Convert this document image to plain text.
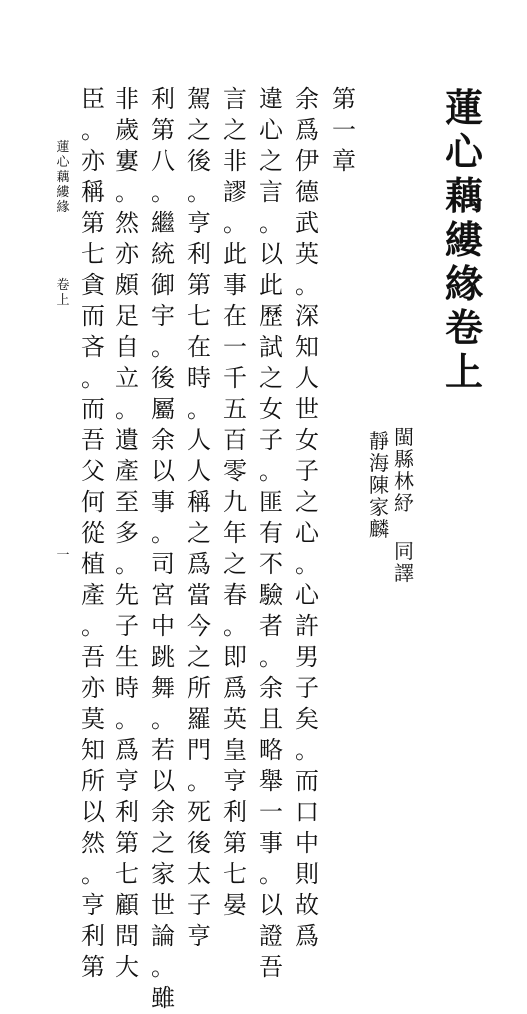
蓮
心
藕
縷
緣
卷
上
閩
縣
林
紓
靜
海
陳
家
麟
同
譯
第
一
章
余
爲
伊
德
武
英
。
深
知
人
世
女
子
之
心
。
心
許
男
子
矣
。
而
口
中
則
故
爲
違
心
之
言
。
以
此
歷
試
之
女
子
。
匪
有
不
驗
者
。
余
且
略
舉
一
事
。
以
證
吾
言
之
非
謬
。
此
事
在
一
千
五
百
零
九
年
之
春
。
即
爲
英
皇
亨
利
第
七
晏
駕
之
後
。
亨
利
第
七
在
時
。
人
人
稱
之
爲
當
今
之
所
羅
門
。
死
後
太
子
亨
利
第
八
。
繼
統
御
宇
。
後
屬
余
以
事
。
司
宮
中
跳
舞
。
若
以
余
之
家
世
論
。
雖
非
歲
寠
。
然
亦
頗
足
自
立
。
遺
產
至
多
。
先
子
生
時
。
爲
亨
利
第
七
顧
問
大
臣
。
亦
稱
第
七
貪
而
吝
。
而
吾
父
何
從
植
產
。
吾
亦
莫
知
所
以
然
。
亨
利
第
蓮
心
藕
縷
緣
卷
上
一
